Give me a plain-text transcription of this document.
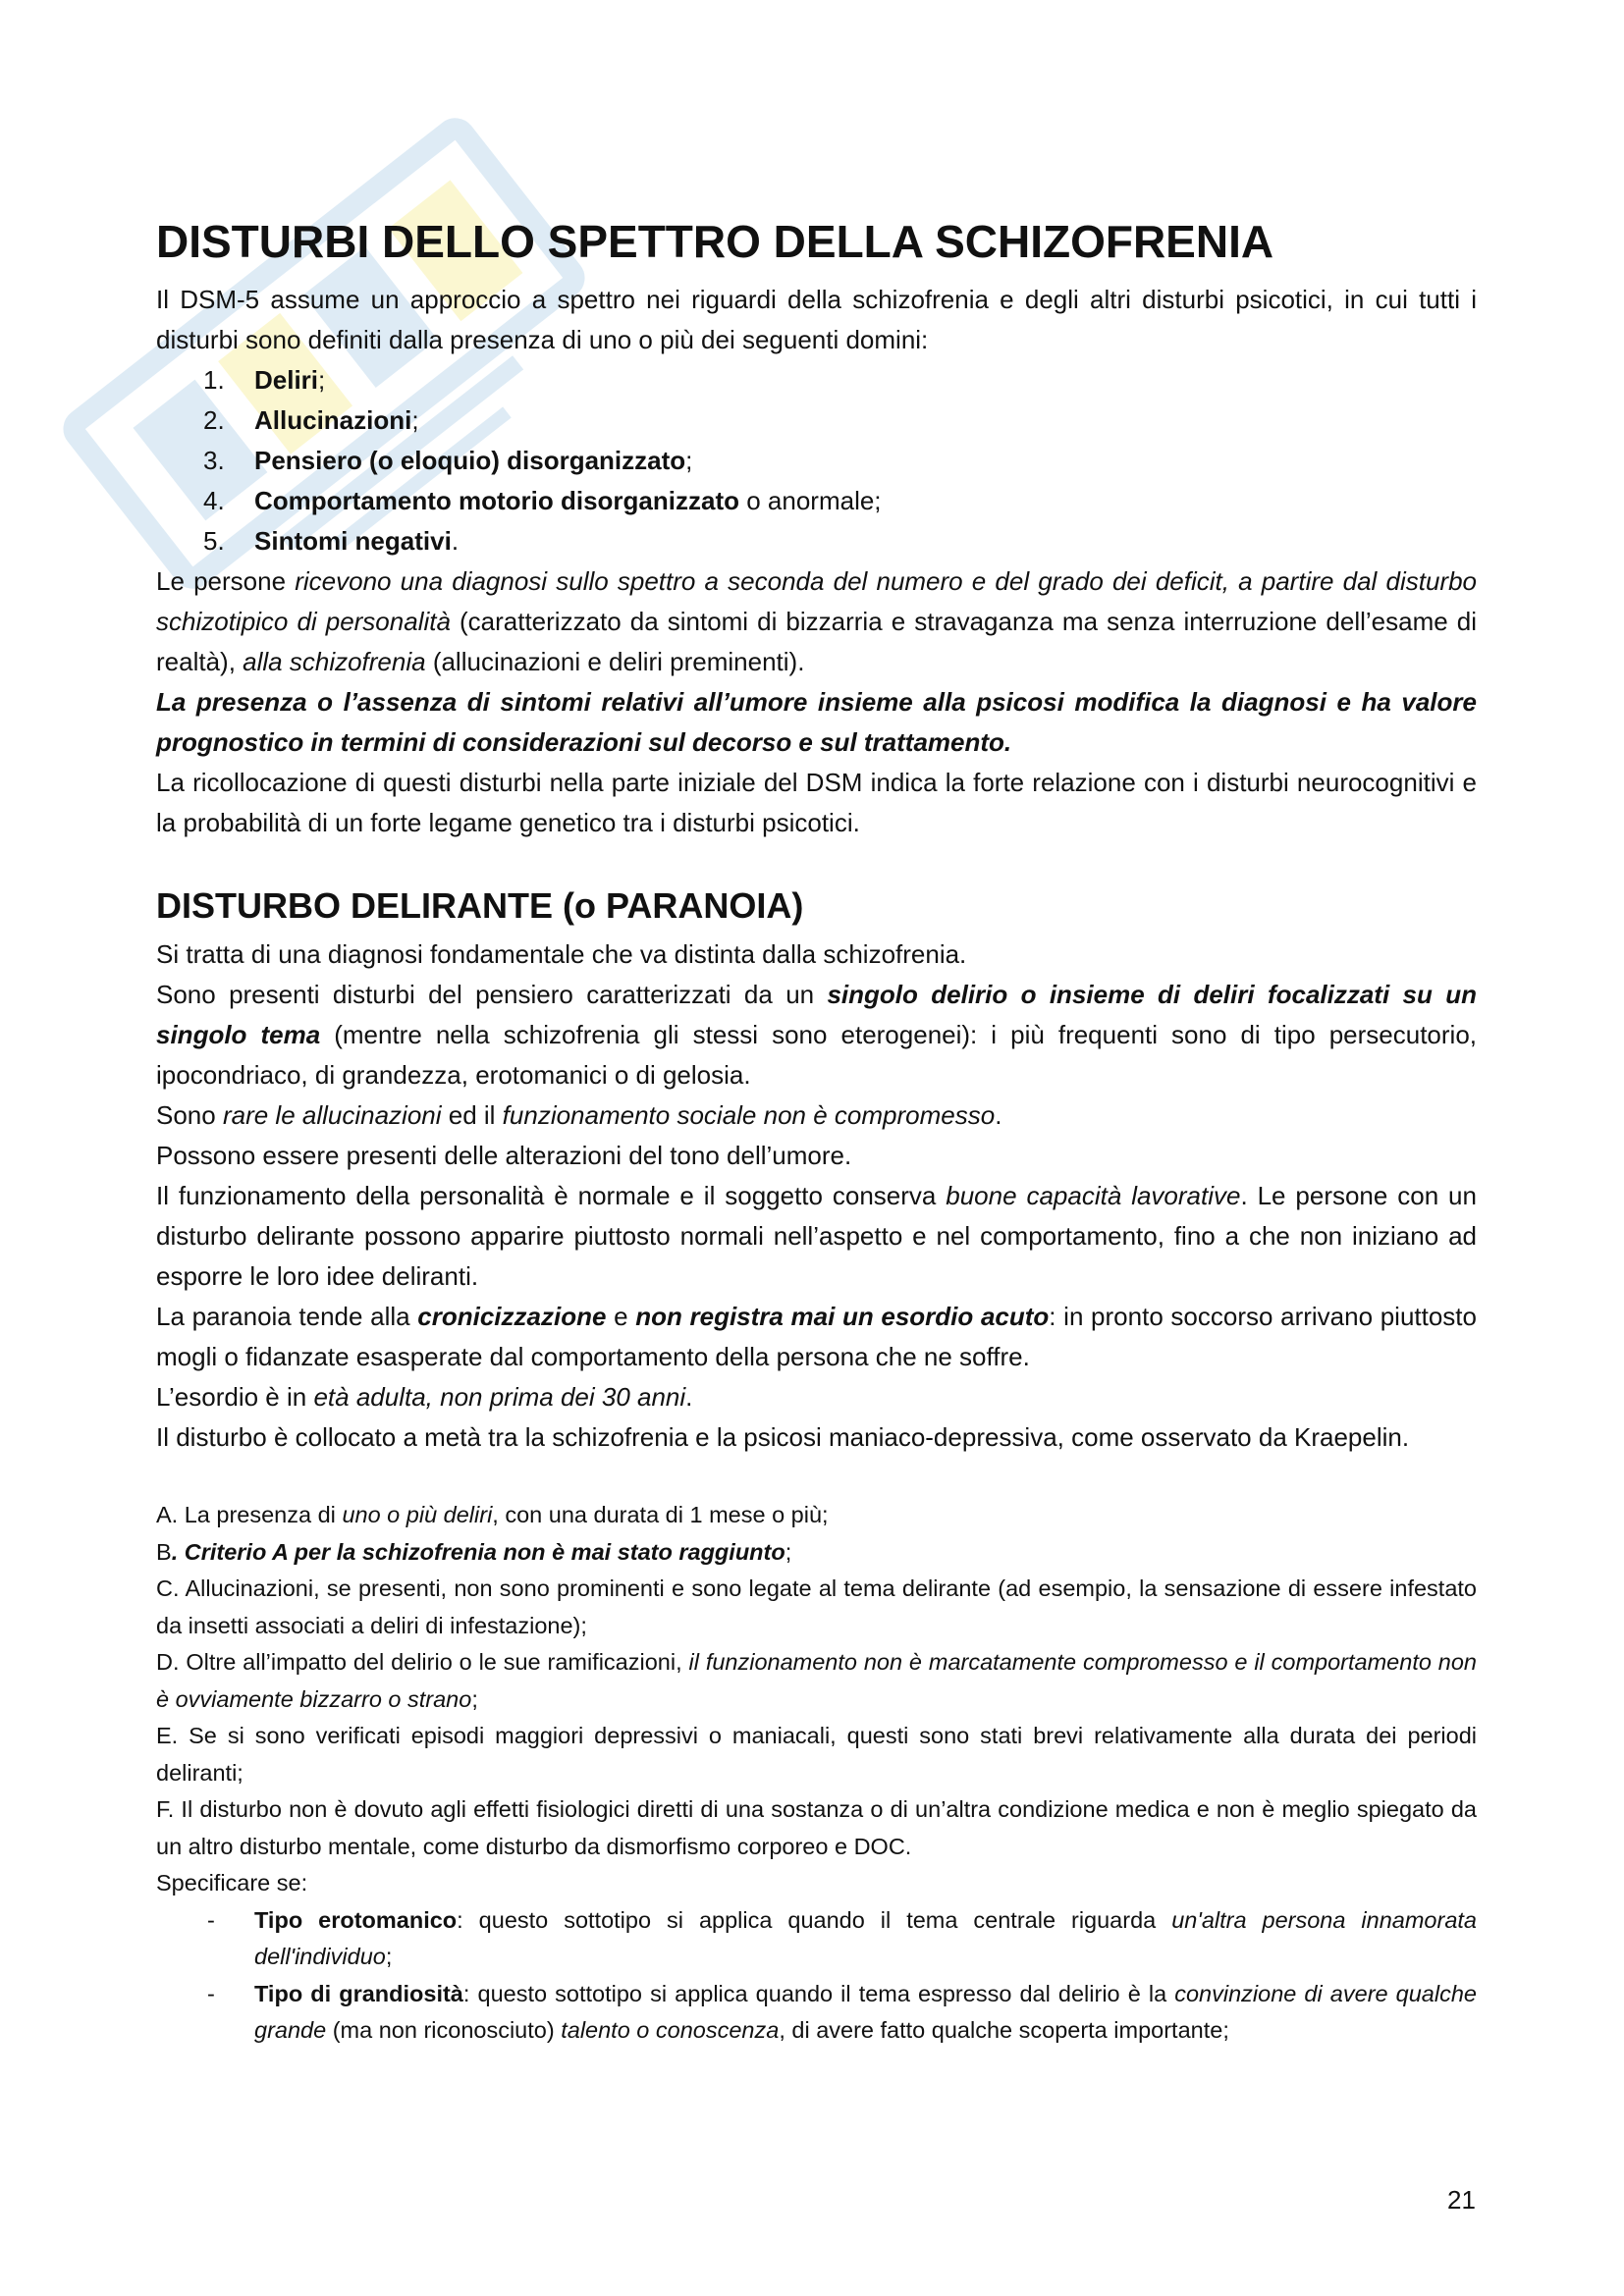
DISTURBI DELLO SPETTRO DELLA SCHIZOFRENIA

Il DSM-5 assume un approccio a spettro nei riguardi della schizofrenia e degli altri disturbi psicotici, in cui tutti i disturbi sono definiti dalla presenza di uno o più dei seguenti domini:

1. Deliri;
2. Allucinazioni;
3. Pensiero (o eloquio) disorganizzato;
4. Comportamento motorio disorganizzato o anormale;
5. Sintomi negativi.

Le persone ricevono una diagnosi sullo spettro a seconda del numero e del grado dei deficit, a partire dal disturbo schizotipico di personalità (caratterizzato da sintomi di bizzarria e stravaganza ma senza interruzione dell’esame di realtà), alla schizofrenia (allucinazioni e deliri preminenti).

La presenza o l’assenza di sintomi relativi all’umore insieme alla psicosi modifica la diagnosi e ha valore prognostico in termini di considerazioni sul decorso e sul trattamento.

La ricollocazione di questi disturbi nella parte iniziale del DSM indica la forte relazione con i disturbi neurocognitivi e la probabilità di un forte legame genetico tra i disturbi psicotici.

DISTURBO DELIRANTE (o PARANOIA)

Si tratta di una diagnosi fondamentale che va distinta dalla schizofrenia.

Sono presenti disturbi del pensiero caratterizzati da un singolo delirio o insieme di deliri focalizzati su un singolo tema (mentre nella schizofrenia gli stessi sono eterogenei): i più frequenti sono di tipo persecutorio, ipocondriaco, di grandezza, erotomanici o di gelosia.

Sono rare le allucinazioni ed il funzionamento sociale non è compromesso.

Possono essere presenti delle alterazioni del tono dell’umore.

Il funzionamento della personalità è normale e il soggetto conserva buone capacità lavorative. Le persone con un disturbo delirante possono apparire piuttosto normali nell’aspetto e nel comportamento, fino a che non iniziano ad esporre le loro idee deliranti.

La paranoia tende alla cronicizzazione e non registra mai un esordio acuto: in pronto soccorso arrivano piuttosto mogli o fidanzate esasperate dal comportamento della persona che ne soffre.

L’esordio è in età adulta, non prima dei 30 anni.

Il disturbo è collocato a metà tra la schizofrenia e la psicosi maniaco-depressiva, come osservato da Kraepelin.

A. La presenza di uno o più deliri, con una durata di 1 mese o più;

B. Criterio A per la schizofrenia non è mai stato raggiunto;

C. Allucinazioni, se presenti, non sono prominenti e sono legate al tema delirante (ad esempio, la sensazione di essere infestato da insetti associati a deliri di infestazione);

D. Oltre all’impatto del delirio o le sue ramificazioni, il funzionamento non è marcatamente compromesso e il comportamento non è ovviamente bizzarro o strano;

E. Se si sono verificati episodi maggiori depressivi o maniacali, questi sono stati brevi relativamente alla durata dei periodi deliranti;

F. Il disturbo non è dovuto agli effetti fisiologici diretti di una sostanza o di un’altra condizione medica e non è meglio spiegato da un altro disturbo mentale, come disturbo da dismorfismo corporeo e DOC.

Specificare se:

- Tipo erotomanico: questo sottotipo si applica quando il tema centrale riguarda un'altra persona innamorata dell'individuo;
- Tipo di grandiosità: questo sottotipo si applica quando il tema espresso dal delirio è la convinzione di avere qualche grande (ma non riconosciuto) talento o conoscenza, di avere fatto qualche scoperta importante;
21
